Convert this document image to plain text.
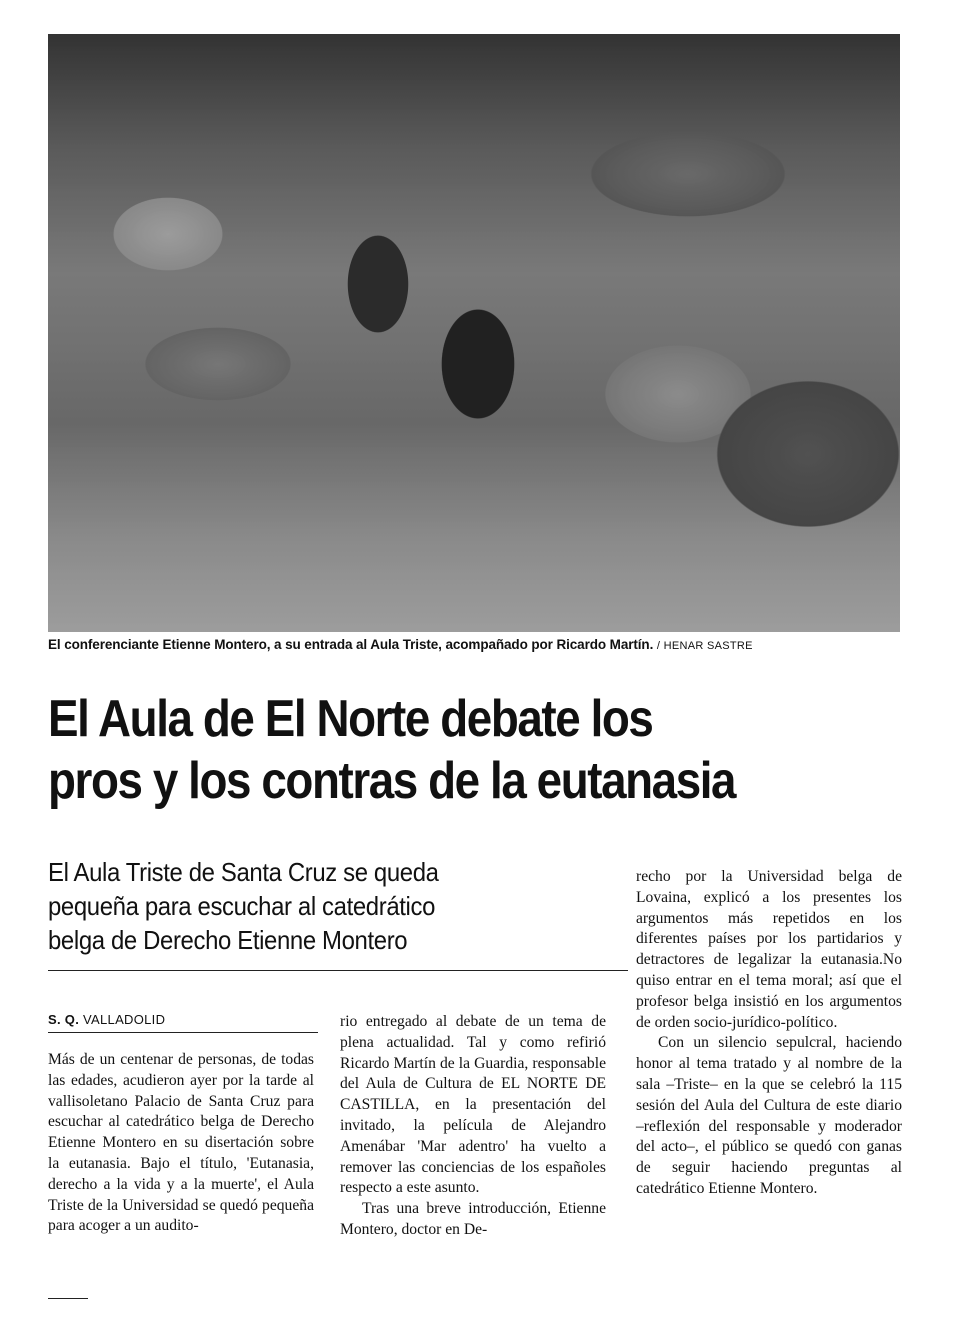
El conferenciante Etienne Montero, a su entrada al Aula Triste, acompañado por Ricardo Martín. / HENAR SASTRE
El Aula de El Norte debate los
pros y los contras de la eutanasia
El Aula Triste de Santa Cruz se queda
pequeña para escuchar al catedrático
belga de Derecho Etienne Montero
S. Q. VALLADOLID

Más de un centenar de personas, de todas las edades, acudieron ayer por la tarde al vallisoletano Palacio de Santa Cruz para escuchar al catedrático belga de Derecho Etienne Montero en su disertación sobre la eutanasia. Bajo el título, 'Eutanasia, derecho a la vida y a la muerte', el Aula Triste de la Universidad se quedó pequeña para acoger a un audito-

rio entregado al debate de un tema de plena actualidad. Tal y como refirió Ricardo Martín de la Guardia, responsable del Aula de Cultura de EL NORTE DE CASTILLA, en la presentación del invitado, la película de Alejandro Amenábar 'Mar adentro' ha vuelto a remover las conciencias de los españoles respecto a este asunto.

Tras una breve introducción, Etienne Montero, doctor en De-

recho por la Universidad belga de Lovaina, explicó a los presentes los argumentos más repetidos en los diferentes países por los partidarios y detractores de legalizar la eutanasia.No quiso entrar en el tema moral; así que el profesor belga insistió en los argumentos de orden socio-jurídico-político.

Con un silencio sepulcral, haciendo honor al tema tratado y al nombre de la sala –Triste– en la que se celebró la 115 sesión del Aula del Cultura de este diario –reflexión del responsable y moderador del acto–, el público se quedó con ganas de seguir haciendo preguntas al catedrático Etienne Montero.
